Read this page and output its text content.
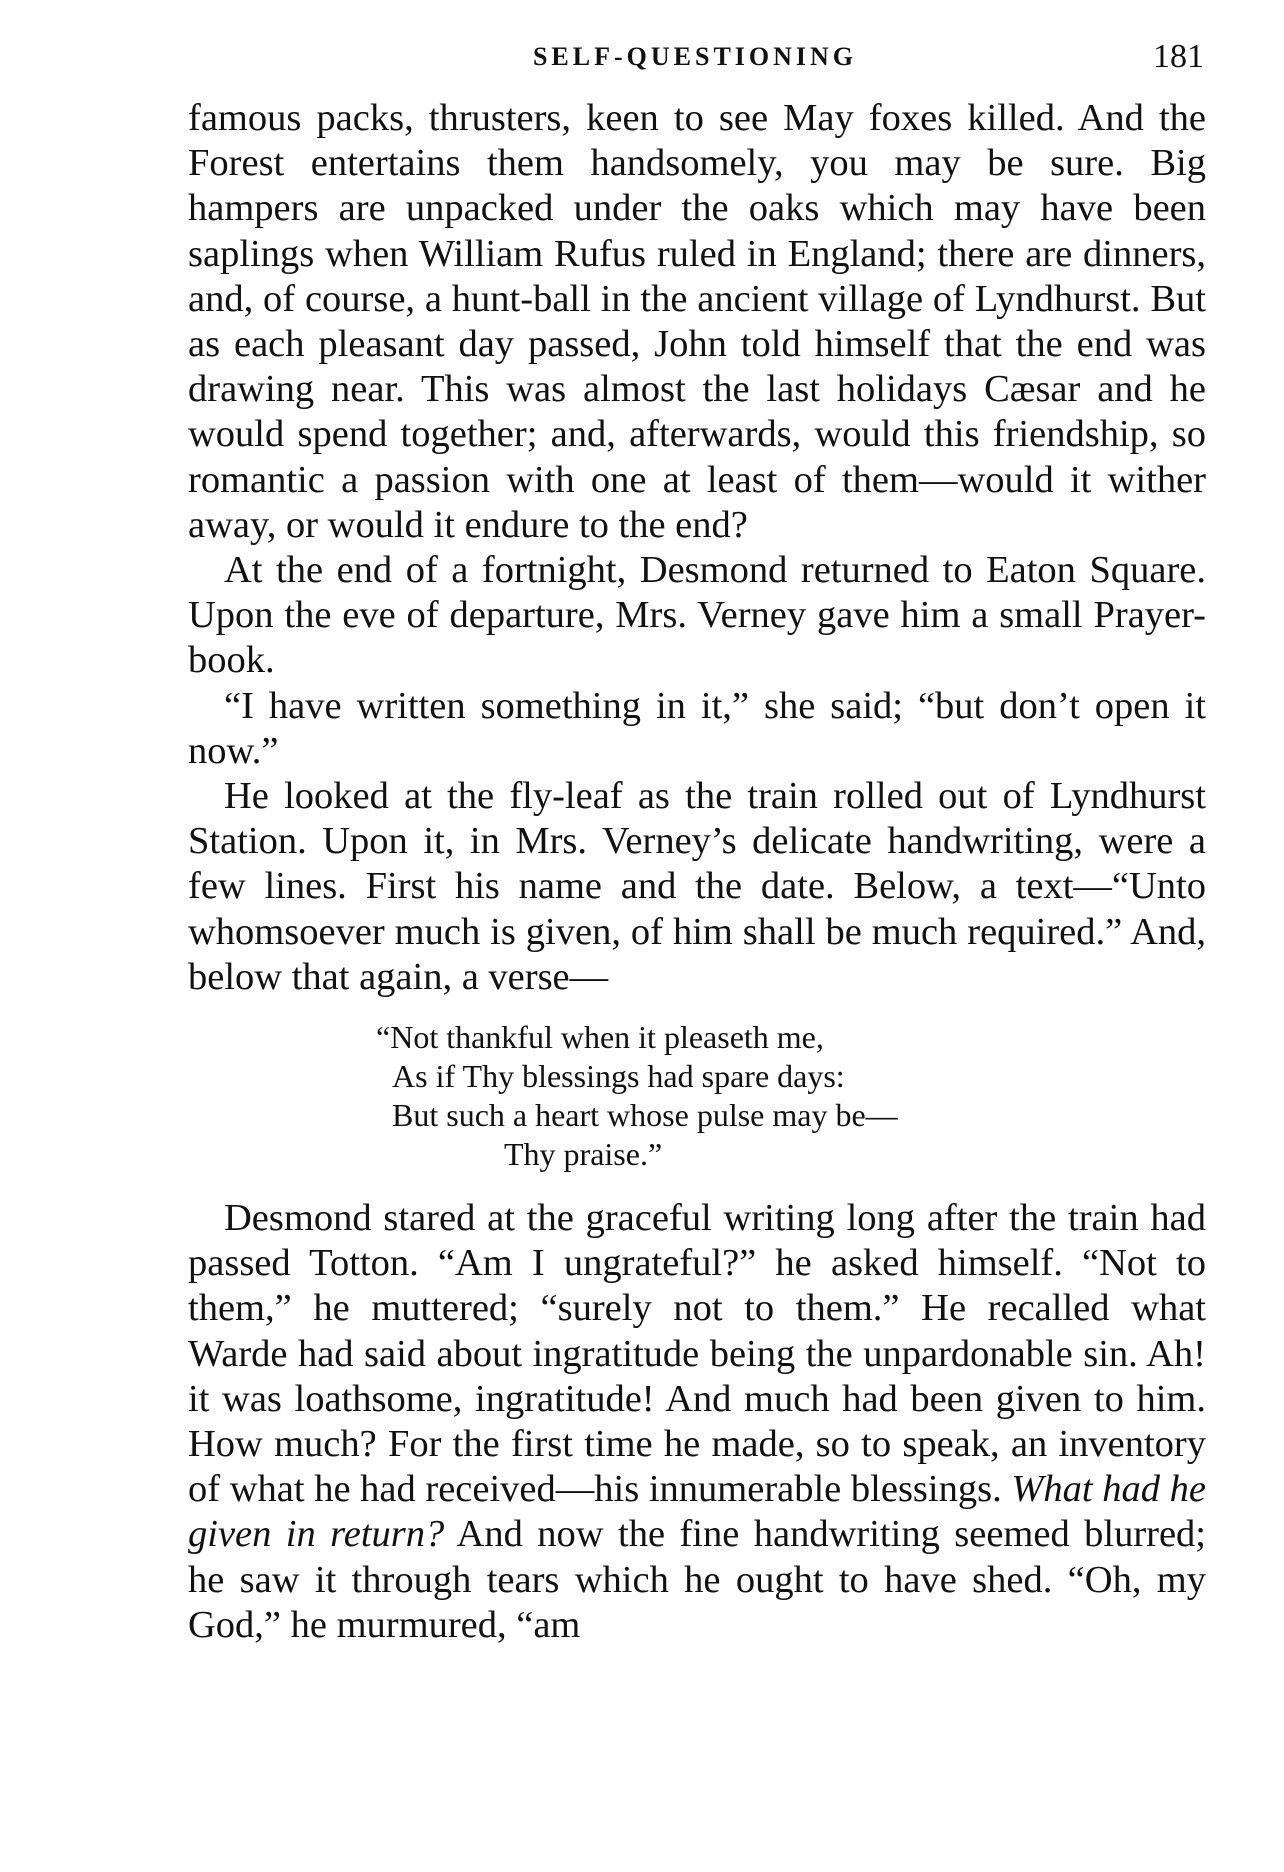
SELF-QUESTIONING	181

famous packs, thrusters, keen to see May foxes killed. And the Forest entertains them handsomely, you may be sure. Big hampers are unpacked under the oaks which may have been saplings when William Rufus ruled in England; there are dinners, and, of course, a hunt-ball in the ancient village of Lyndhurst. But as each pleasant day passed, John told himself that the end was drawing near. This was almost the last holidays Cæsar and he would spend together; and, afterwards, would this friendship, so romantic a passion with one at least of them—would it wither away, or would it endure to the end?

At the end of a fortnight, Desmond returned to Eaton Square. Upon the eve of departure, Mrs. Verney gave him a small Prayer-book.

“I have written something in it,” she said; “but don’t open it now.”

He looked at the fly-leaf as the train rolled out of Lyndhurst Station. Upon it, in Mrs. Verney’s delicate handwriting, were a few lines. First his name and the date. Below, a text—“Unto whomsoever much is given, of him shall be much required.” And, below that again, a verse—

“Not thankful when it pleaseth me,
As if Thy blessings had spare days:
But such a heart whose pulse may be—
Thy praise.”

Desmond stared at the graceful writing long after the train had passed Totton. “Am I ungrateful?” he asked himself. “Not to them,” he muttered; “surely not to them.” He recalled what Warde had said about ingratitude being the unpardonable sin. Ah! it was loathsome, ingratitude! And much had been given to him. How much? For the first time he made, so to speak, an inventory of what he had received—his innumerable blessings. What had he given in return? And now the fine handwriting seemed blurred; he saw it through tears which he ought to have shed. “Oh, my God,” he murmured, “am
